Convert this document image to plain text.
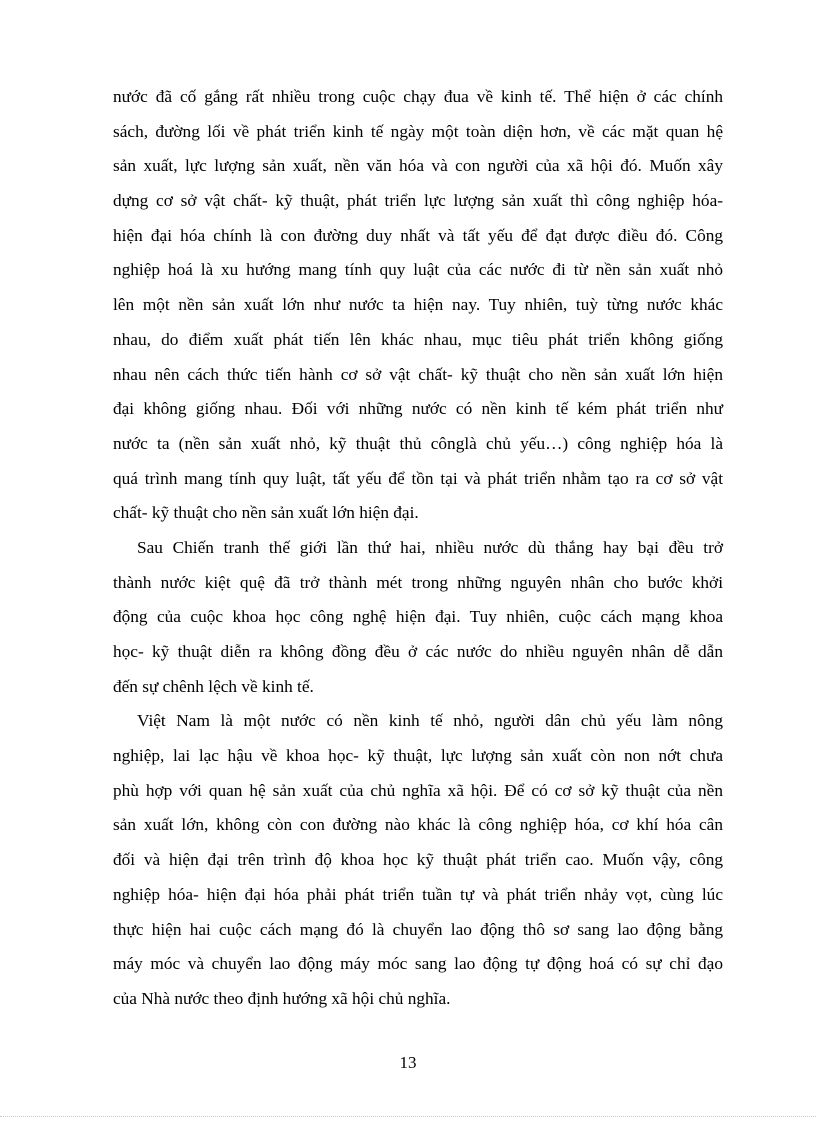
nước đã cố gắng rất nhiều trong cuộc chạy đua về kinh tế. Thể hiện ở các chính
sách, đường lối về phát triển kinh tế ngày một toàn diện hơn, về các mặt quan hệ
sản xuất, lực lượng sản xuất, nền văn hóa và con người của xã hội đó. Muốn xây
dựng cơ sở vật chất- kỹ thuật, phát triển lực lượng sản xuất thì công nghiệp hóa-
hiện đại hóa chính là con đường duy nhất và tất yếu để đạt được điều đó. Công
nghiệp hoá là xu hướng mang tính quy luật của các nước đi từ nền sản xuất nhỏ
lên một nền sản xuất lớn như nước ta hiện nay. Tuy nhiên, tuỳ từng nước khác
nhau, do điểm xuất phát tiến lên khác nhau, mục tiêu phát triển không giống
nhau nên cách thức tiến hành cơ sở vật chất- kỹ thuật cho nền sản xuất lớn hiện
đại không giống nhau. Đối với những nước có nền kinh tế kém phát triển như
nước ta (nền sản xuất nhỏ, kỹ thuật thủ cônglà chủ yếu…) công nghiệp hóa là
quá trình mang tính quy luật, tất yếu để tồn tại và phát triển nhằm tạo ra cơ sở vật
chất- kỹ thuật cho nền sản xuất lớn hiện đại.
Sau Chiến tranh thế giới lần thứ hai, nhiều nước dù thắng hay bại đều trở
thành nước kiệt quệ đã trở thành mét trong những nguyên nhân cho bước khởi
động của cuộc khoa học công nghệ hiện đại. Tuy nhiên, cuộc cách mạng khoa
học- kỹ thuật diễn ra không đồng đều ở các nước do nhiều nguyên nhân dễ dẫn
đến sự chênh lệch về kinh tế.
Việt Nam là một nước có nền kinh tế nhỏ, người dân chủ yếu làm nông
nghiệp, lai lạc hậu về khoa học- kỹ thuật, lực lượng sản xuất còn non nớt chưa
phù hợp với quan hệ sản xuất của chủ nghĩa xã hội. Để có cơ sở kỹ thuật của nền
sản xuất lớn, không còn con đường nào khác là công nghiệp hóa, cơ khí hóa cân
đối và hiện đại trên trình độ khoa học kỹ thuật phát triển cao. Muốn vậy, công
nghiệp hóa- hiện đại hóa phải phát triển tuần tự và phát triển nhảy vọt, cùng lúc
thực hiện hai cuộc cách mạng đó là chuyển lao động thô sơ sang lao động bằng
máy móc và chuyển lao động máy móc sang lao động tự động hoá có sự chỉ đạo
của Nhà nước theo định hướng xã hội chủ nghĩa.
13
